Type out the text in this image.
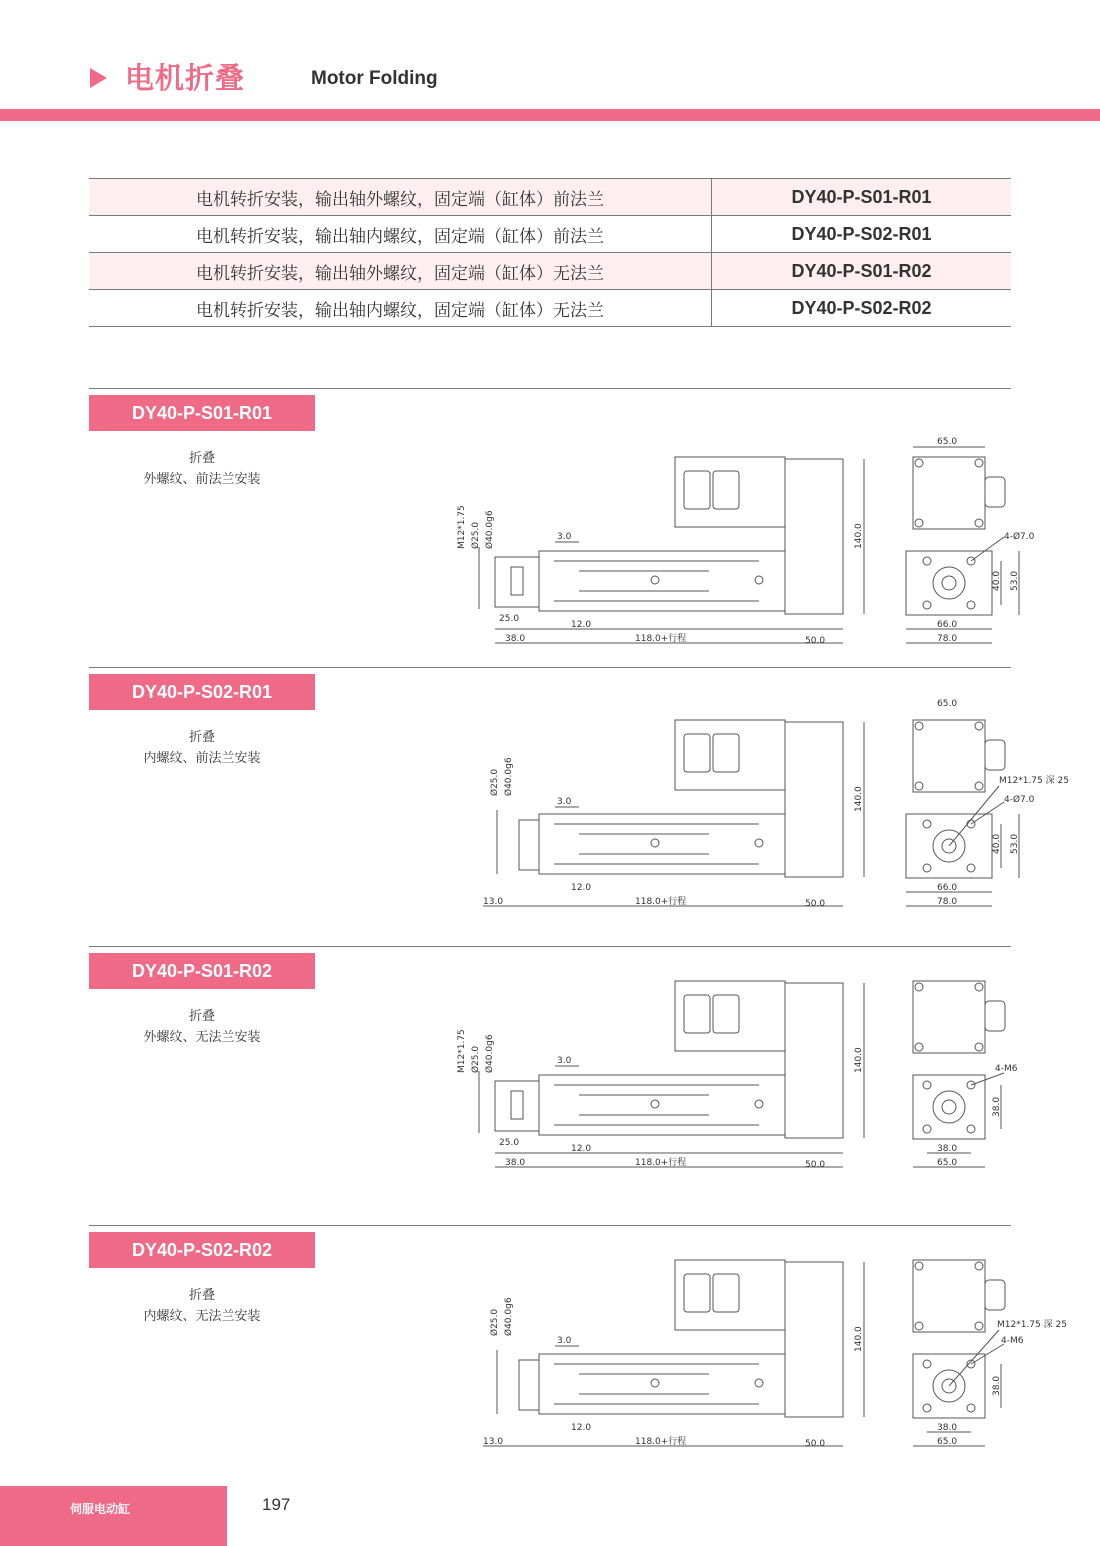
电机折叠	Motor Folding
电机转折安装，输出轴外螺纹，固定端（缸体）前法兰	DY40-P-S01-R01
电机转折安装，输出轴内螺纹，固定端（缸体）前法兰	DY40-P-S02-R01
电机转折安装，输出轴外螺纹，固定端（缸体）无法兰	DY40-P-S01-R02
电机转折安装，输出轴内螺纹，固定端（缸体）无法兰	DY40-P-S02-R02
DY40-P-S01-R01
折叠
外螺纹、前法兰安装
M12*1.75 Ø25.0 Ø40.0g6	3.0	140.0
25.0
12.0
38.0	118.0+行程	50.0
65.0
4-Ø7.0
40.0 53.0
66.0
78.0
DY40-P-S02-R01
折叠
内螺纹、前法兰安装
Ø25.0 Ø40.0g6
3.0	140.0
12.0
13.0	118.0+行程	50.0
65.0
M12*1.75 深 25
4-Ø7.0
40.0 53.0
66.0
78.0
DY40-P-S01-R02
折叠
外螺纹、无法兰安装	M12*1.75 Ø25.0 Ø40.0g6	3.0	140.0
25.0
12.0
38.0	118.0+行程	50.0
4-M6
38.0
38.0
65.0
DY40-P-S02-R02
折叠
内螺纹、无法兰安装	Ø25.0 Ø40.0g6
3.0	140.0
12.0
13.0	118.0+行程	50.0
M12*1.75 深 25
4-M6
38.0
38.0
65.0
伺服电动缸	197
